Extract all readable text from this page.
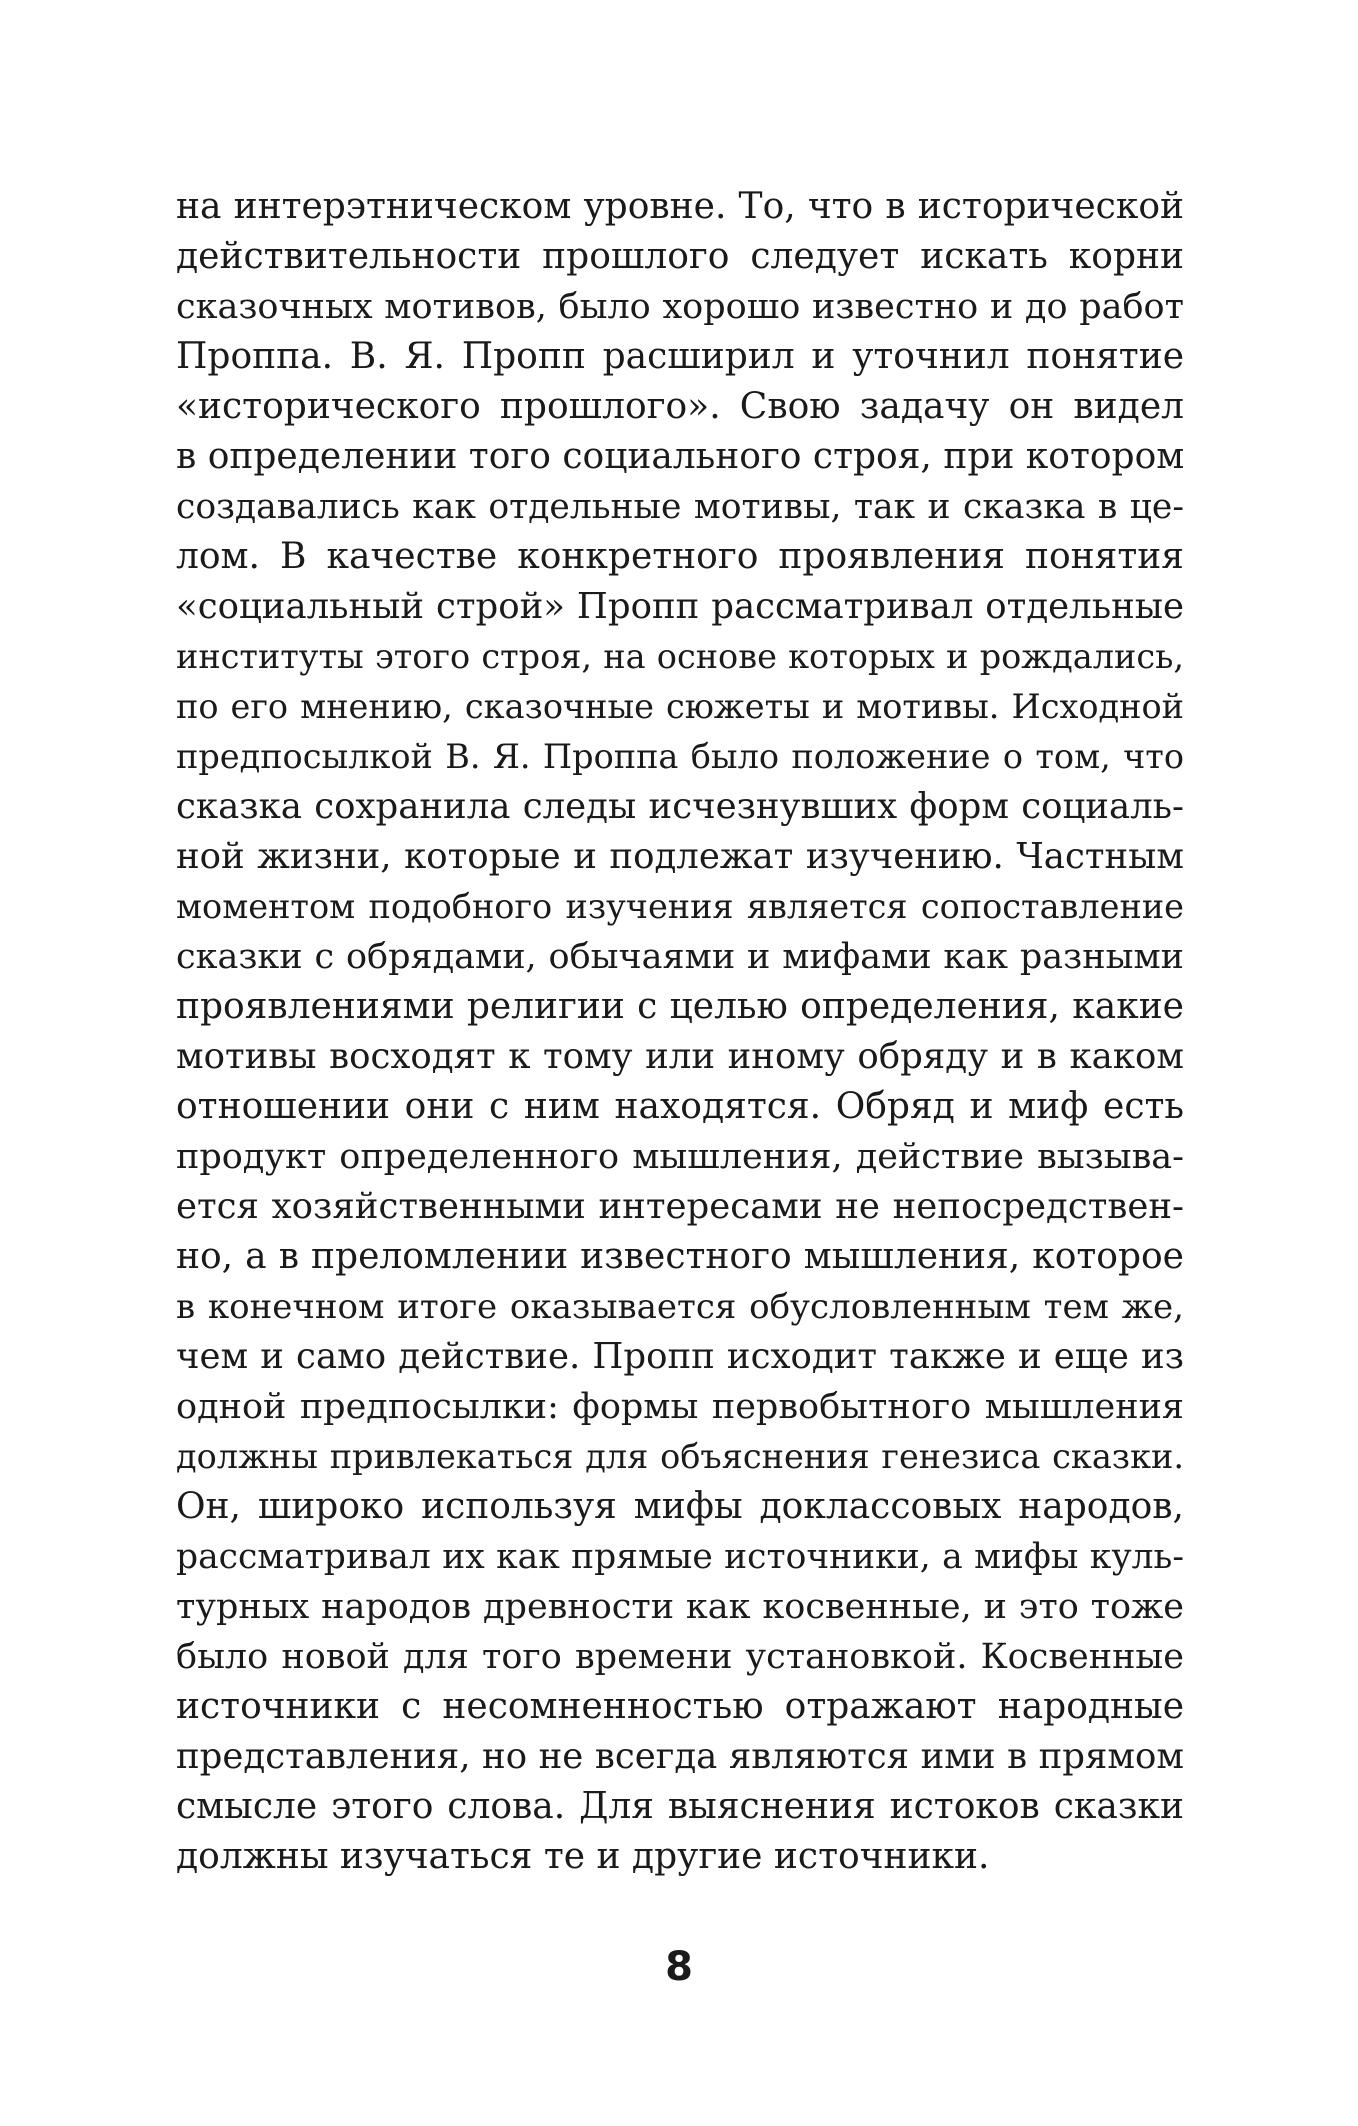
на интерэтническом уровне. То, что в исторической
действительности прошлого следует искать корни
сказочных мотивов, было хорошо известно и до работ
Проппа. В. Я. Пропп расширил и уточнил понятие
«исторического прошлого». Свою задачу он видел
в определении того социального строя, при котором
создавались как отдельные мотивы, так и сказка в це-
лом. В качестве конкретного проявления понятия
«социальный строй» Пропп рассматривал отдельные
институты этого строя, на основе которых и рождались,
по его мнению, сказочные сюжеты и мотивы. Исходной
предпосылкой В. Я. Проппа было положение о том, что
сказка сохранила следы исчезнувших форм социаль-
ной жизни, которые и подлежат изучению. Частным
моментом подобного изучения является сопоставление
сказки с обрядами, обычаями и мифами как разными
проявлениями религии с целью определения, какие
мотивы восходят к тому или иному обряду и в каком
отношении они с ним находятся. Обряд и миф есть
продукт определенного мышления, действие вызыва-
ется хозяйственными интересами не непосредствен-
но, а в преломлении известного мышления, которое
в конечном итоге оказывается обусловленным тем же,
чем и само действие. Пропп исходит также и еще из
одной предпосылки: формы первобытного мышления
должны привлекаться для объяснения генезиса сказки.
Он, широко используя мифы доклассовых народов,
рассматривал их как прямые источники, а мифы куль-
турных народов древности как косвенные, и это тоже
было новой для того времени установкой. Косвенные
источники с несомненностью отражают народные
представления, но не всегда являются ими в прямом
смысле этого слова. Для выяснения истоков сказки
должны изучаться те и другие источники.
8
